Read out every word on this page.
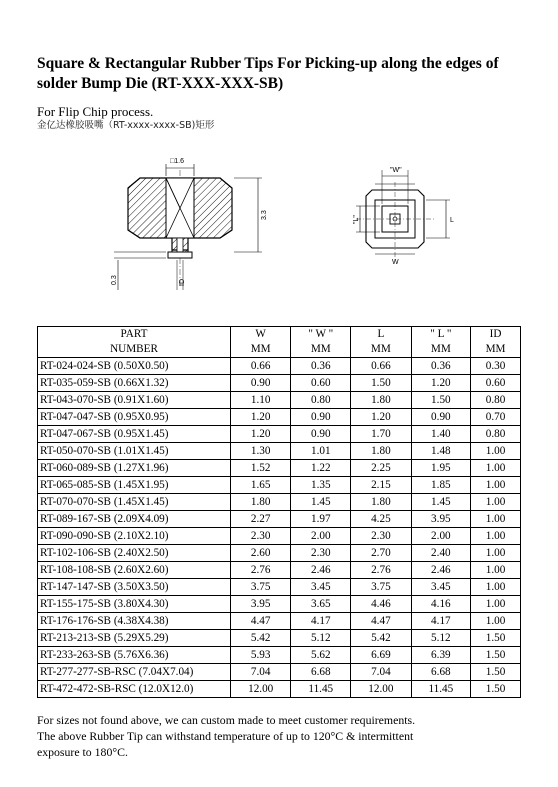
Square & Rectangular Rubber Tips For Picking-up along the edges of solder Bump Die (RT-XXX-XXX-SB)
For Flip Chip process.
金亿达橡胶吸嘴（RT-xxxx-xxxx-SB)矩形
□1.6
3.3
0.3	ID
"W"
W
"L"	L
PART	W	" W "	L	" L "	ID
NUMBER	MM	MM	MM	MM	MM
RT-024-024-SB (0.50X0.50)	0.66	0.36	0.66	0.36	0.30
RT-035-059-SB (0.66X1.32)	0.90	0.60	1.50	1.20	0.60
RT-043-070-SB (0.91X1.60)	1.10	0.80	1.80	1.50	0.80
RT-047-047-SB (0.95X0.95)	1.20	0.90	1.20	0.90	0.70
RT-047-067-SB (0.95X1.45)	1.20	0.90	1.70	1.40	0.80
RT-050-070-SB (1.01X1.45)	1.30	1.01	1.80	1.48	1.00
RT-060-089-SB (1.27X1.96)	1.52	1.22	2.25	1.95	1.00
RT-065-085-SB (1.45X1.95)	1.65	1.35	2.15	1.85	1.00
RT-070-070-SB (1.45X1.45)	1.80	1.45	1.80	1.45	1.00
RT-089-167-SB (2.09X4.09)	2.27	1.97	4.25	3.95	1.00
RT-090-090-SB (2.10X2.10)	2.30	2.00	2.30	2.00	1.00
RT-102-106-SB (2.40X2.50)	2.60	2.30	2.70	2.40	1.00
RT-108-108-SB (2.60X2.60)	2.76	2.46	2.76	2.46	1.00
RT-147-147-SB (3.50X3.50)	3.75	3.45	3.75	3.45	1.00
RT-155-175-SB (3.80X4.30)	3.95	3.65	4.46	4.16	1.00
RT-176-176-SB (4.38X4.38)	4.47	4.17	4.47	4.17	1.00
RT-213-213-SB (5.29X5.29)	5.42	5.12	5.42	5.12	1.50
RT-233-263-SB (5.76X6.36)	5.93	5.62	6.69	6.39	1.50
RT-277-277-SB-RSC (7.04X7.04)	7.04	6.68	7.04	6.68	1.50
RT-472-472-SB-RSC (12.0X12.0)	12.00	11.45	12.00	11.45	1.50
For sizes not found above, we can custom made to meet customer requirements.
The above Rubber Tip can withstand temperature of up to 120°C & intermittent
exposure to 180°C.
